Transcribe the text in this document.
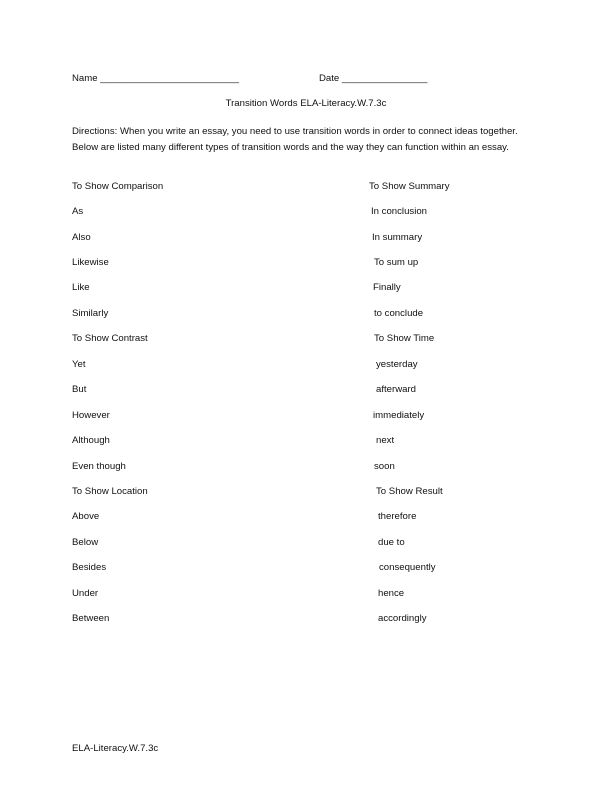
Name __________________________	Date ________________
Transition Words ELA-Literacy.W.7.3c
Directions: When you write an essay, you need to use transition words in order to connect ideas together. Below are listed many different types of transition words and the way they can function within an essay.
To Show Comparison
As
Also
Likewise
Like
Similarly
To Show Contrast
Yet
But
However
Although
Even though
To Show Location
Above
Below
Besides
Under
Between
To Show Summary
In conclusion
In summary
To sum up
Finally
to conclude
To Show Time
yesterday
afterward
immediately
next
soon
To Show Result
therefore
due to
consequently
hence
accordingly
ELA-Literacy.W.7.3c
